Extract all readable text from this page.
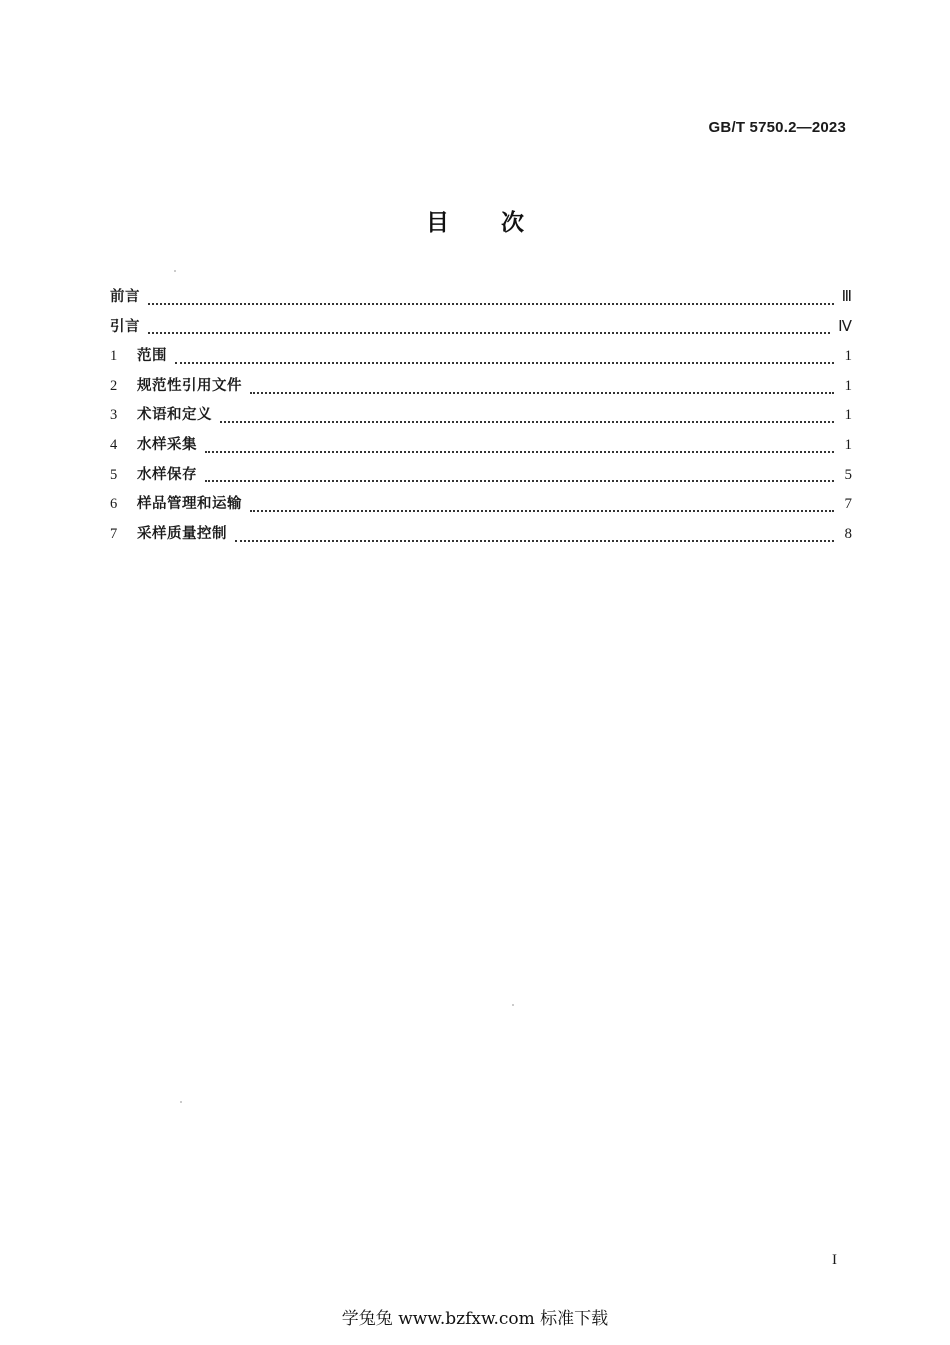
GB/T 5750.2—2023
目次
前言	Ⅲ
引言	Ⅳ
1	范围	1
2	规范性引用文件	1
3	术语和定义	1
4	水样采集	1
5	水样保存	5
6	样品管理和运输	7
7	采样质量控制	8
I
学兔兔 www.bzfxw.com 标准下载
